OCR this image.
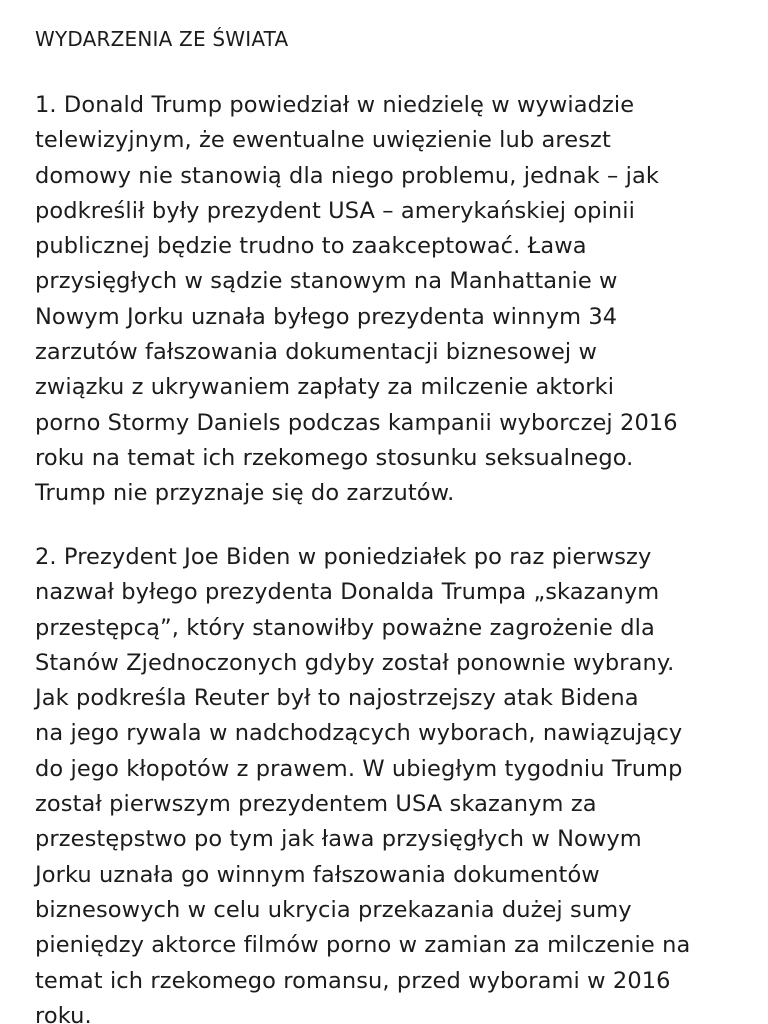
WYDARZENIA ZE ŚWIATA

1. Donald Trump powiedział w niedzielę w wywiadzie
telewizyjnym, że ewentualne uwięzienie lub areszt
domowy nie stanowią dla niego problemu, jednak – jak
podkreślił były prezydent USA – amerykańskiej opinii
publicznej będzie trudno to zaakceptować. Ława
przysięgłych w sądzie stanowym na Manhattanie w
Nowym Jorku uznała byłego prezydenta winnym 34
zarzutów fałszowania dokumentacji biznesowej w
związku z ukrywaniem zapłaty za milczenie aktorki
porno Stormy Daniels podczas kampanii wyborczej 2016
roku na temat ich rzekomego stosunku seksualnego.
Trump nie przyznaje się do zarzutów.

2. Prezydent Joe Biden w poniedziałek po raz pierwszy
nazwał byłego prezydenta Donalda Trumpa „skazanym
przestępcą”, który stanowiłby poważne zagrożenie dla
Stanów Zjednoczonych gdyby został ponownie wybrany.
Jak podkreśla Reuter był to najostrzejszy atak Bidena
na jego rywala w nadchodzących wyborach, nawiązujący
do jego kłopotów z prawem. W ubiegłym tygodniu Trump
został pierwszym prezydentem USA skazanym za
przestępstwo po tym jak ława przysięgłych w Nowym
Jorku uznała go winnym fałszowania dokumentów
biznesowych w celu ukrycia przekazania dużej sumy
pieniędzy aktorce filmów porno w zamian za milczenie na
temat ich rzekomego romansu, przed wyborami w 2016
roku.
